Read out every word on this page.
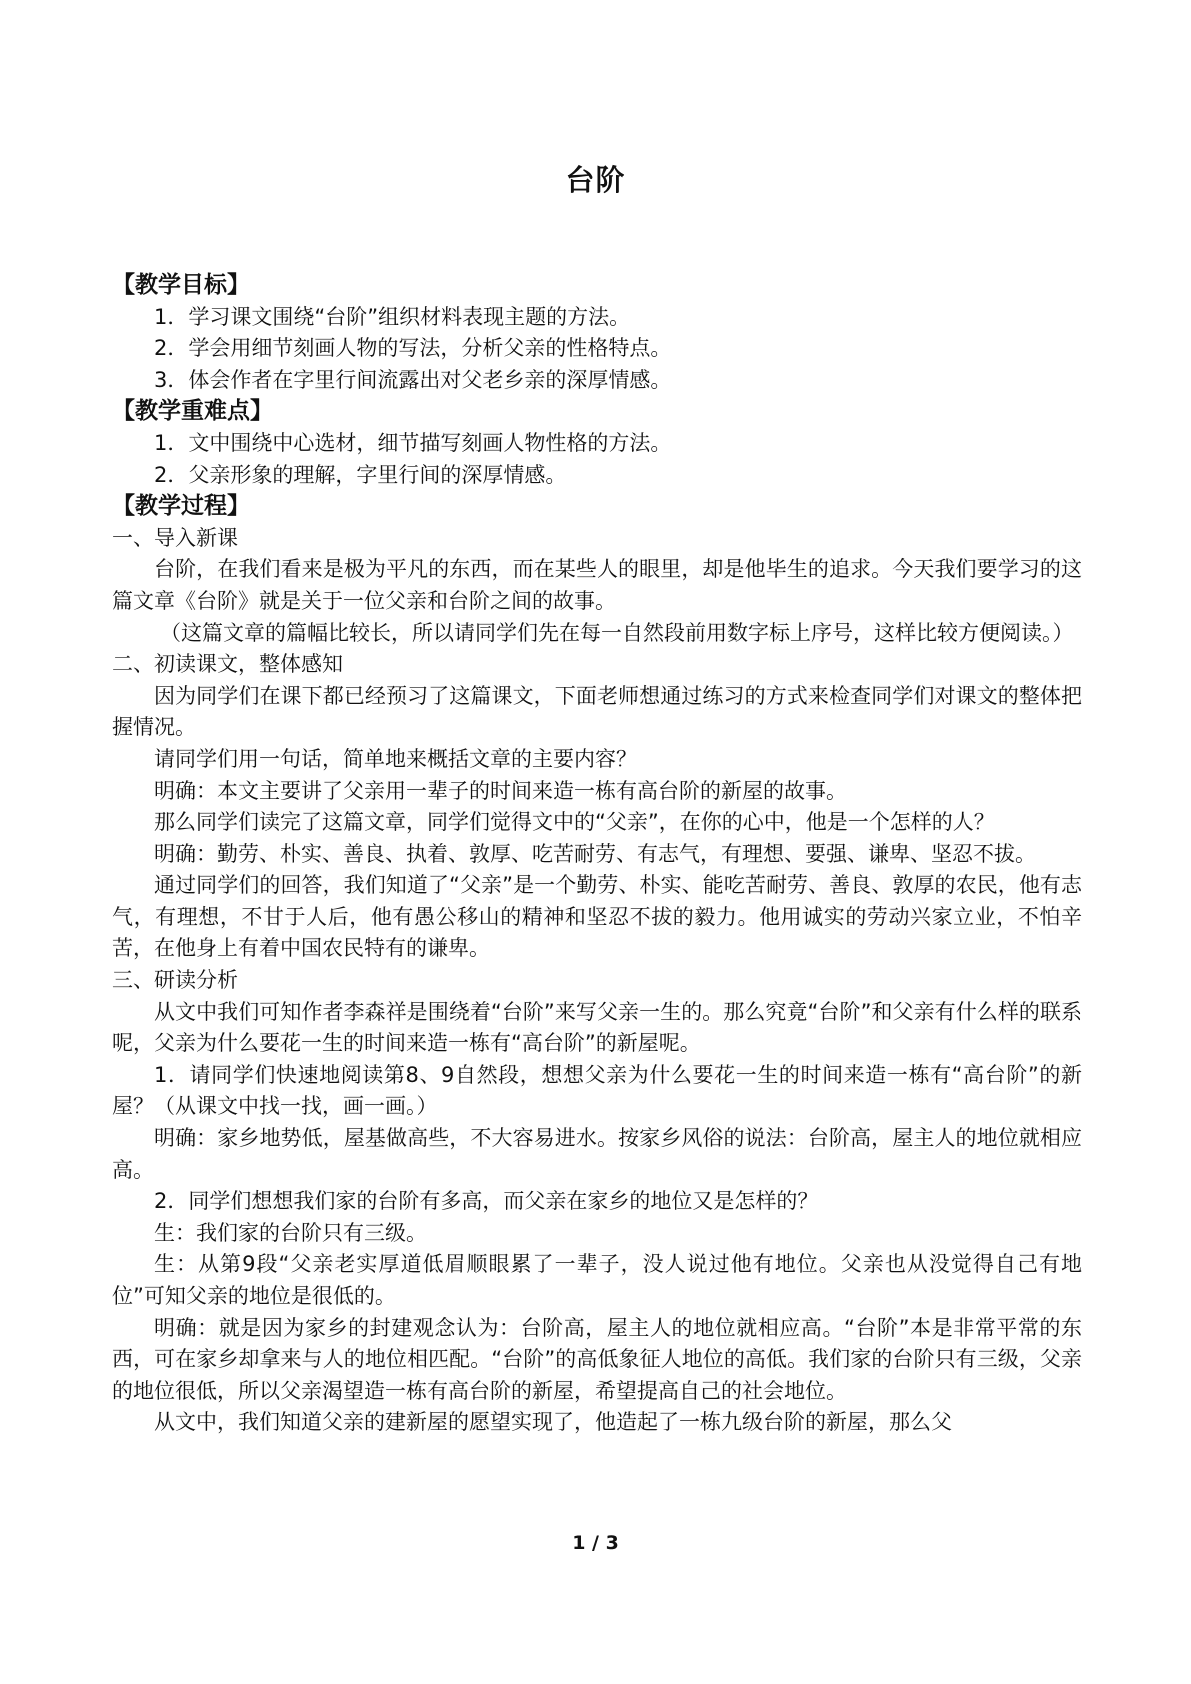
台阶

【教学目标】

1．学习课文围绕“台阶”组织材料表现主题的方法。

2．学会用细节刻画人物的写法，分析父亲的性格特点。

3．体会作者在字里行间流露出对父老乡亲的深厚情感。

【教学重难点】

1．文中围绕中心选材，细节描写刻画人物性格的方法。

2．父亲形象的理解，字里行间的深厚情感。

【教学过程】

一、导入新课

台阶，在我们看来是极为平凡的东西，而在某些人的眼里，却是他毕生的追求。今天我们要学习的这篇文章《台阶》就是关于一位父亲和台阶之间的故事。

（这篇文章的篇幅比较长，所以请同学们先在每一自然段前用数字标上序号，这样比较方便阅读。）

二、初读课文，整体感知

因为同学们在课下都已经预习了这篇课文，下面老师想通过练习的方式来检查同学们对课文的整体把握情况。

请同学们用一句话，简单地来概括文章的主要内容？

明确：本文主要讲了父亲用一辈子的时间来造一栋有高台阶的新屋的故事。

那么同学们读完了这篇文章，同学们觉得文中的“父亲”，在你的心中，他是一个怎样的人？

明确：勤劳、朴实、善良、执着、敦厚、吃苦耐劳、有志气，有理想、要强、谦卑、坚忍不拔。

通过同学们的回答，我们知道了“父亲”是一个勤劳、朴实、能吃苦耐劳、善良、敦厚的农民，他有志气，有理想，不甘于人后，他有愚公移山的精神和坚忍不拔的毅力。他用诚实的劳动兴家立业，不怕辛苦，在他身上有着中国农民特有的谦卑。

三、研读分析

从文中我们可知作者李森祥是围绕着“台阶”来写父亲一生的。那么究竟“台阶”和父亲有什么样的联系呢，父亲为什么要花一生的时间来造一栋有“高台阶”的新屋呢。

1．请同学们快速地阅读第8、9自然段，想想父亲为什么要花一生的时间来造一栋有“高台阶”的新屋？（从课文中找一找，画一画。）

明确：家乡地势低，屋基做高些，不大容易进水。按家乡风俗的说法：台阶高，屋主人的地位就相应高。

2．同学们想想我们家的台阶有多高，而父亲在家乡的地位又是怎样的？

生：我们家的台阶只有三级。

生：从第9段“父亲老实厚道低眉顺眼累了一辈子，没人说过他有地位。父亲也从没觉得自己有地位”可知父亲的地位是很低的。

明确：就是因为家乡的封建观念认为：台阶高，屋主人的地位就相应高。“台阶”本是非常平常的东西，可在家乡却拿来与人的地位相匹配。“台阶”的高低象征人地位的高低。我们家的台阶只有三级，父亲的地位很低，所以父亲渴望造一栋有高台阶的新屋，希望提高自己的社会地位。

从文中，我们知道父亲的建新屋的愿望实现了，他造起了一栋九级台阶的新屋，那么父

1 / 3
